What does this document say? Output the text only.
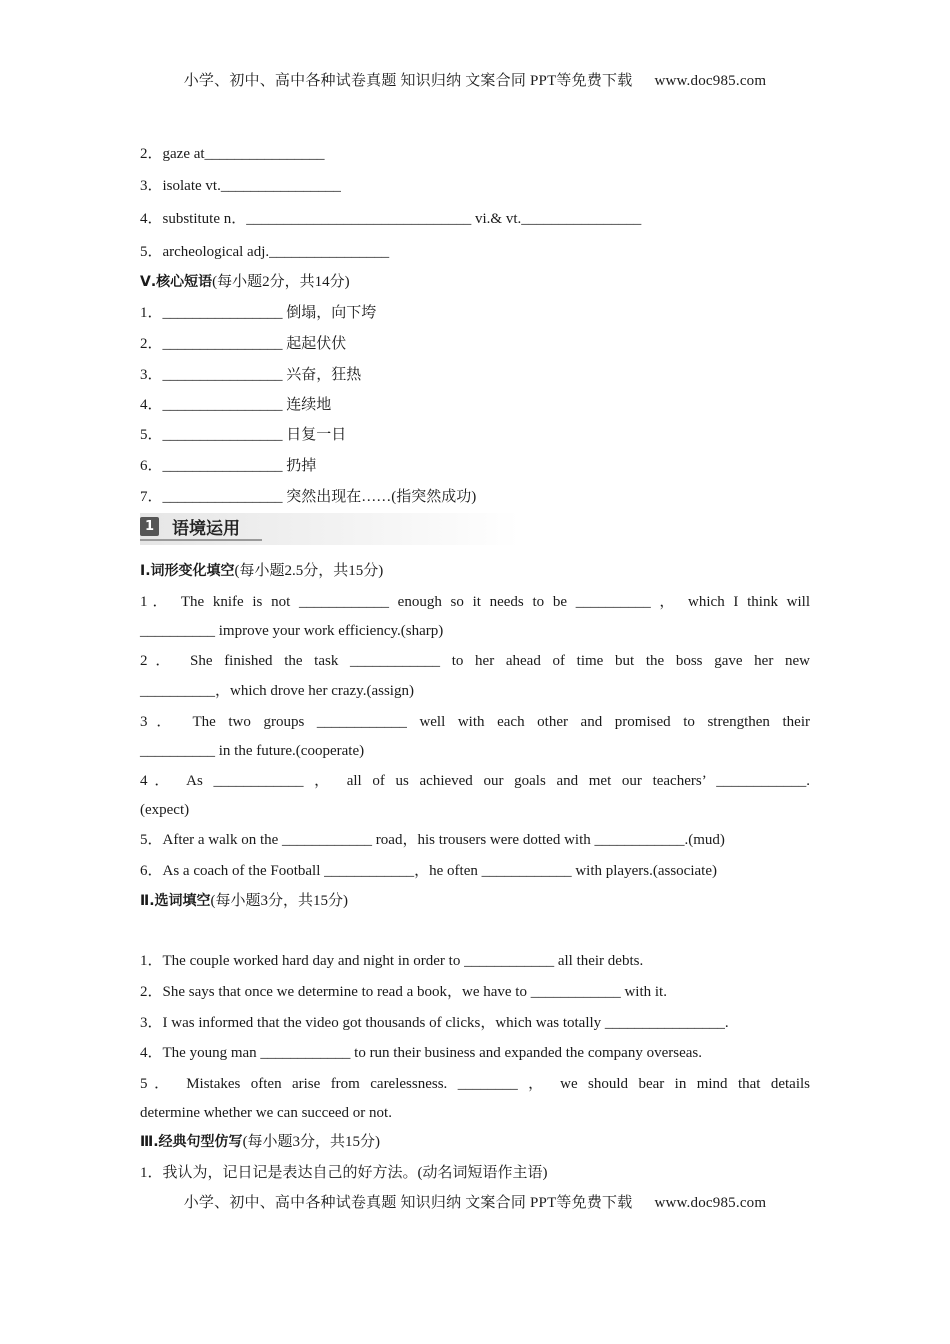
小学、初中、高中各种试卷真题 知识归纳 文案合同 PPT等免费下载 www.doc985.com
2．gaze at________________
3．isolate vt.________________
4．substitute n．______________________________ vi.& vt.________________
5．archeological adj.________________
Ⅴ.核心短语(每小题2分，共14分)
1．________________ 倒塌，向下垮
2．________________ 起起伏伏
3．________________ 兴奋，狂热
4．________________ 连续地
5．________________ 日复一日
6．________________ 扔掉
7．________________ 突然出现在……(指突然成功)
1 语境运用
Ⅰ.词形变化填空(每小题2.5分，共15分)
1． The knife is not ____________ enough so it needs to be __________ ， which I think will
__________ improve your work efficiency.(sharp)
2． She finished the task ____________ to her ahead of time but the boss gave her new
__________，which drove her crazy.(assign)
3． The two groups ____________ well with each other and promised to strengthen their
__________ in the future.(cooperate)
4． As ____________ ， all of us achieved our goals and met our teachers’ ____________.
(expect)
5．After a walk on the ____________ road，his trousers were dotted with ____________.(mud)
6．As a coach of the Football ____________，he often ____________ with players.(associate)
Ⅱ.选词填空(每小题3分，共15分)
1．The couple worked hard day and night in order to ____________ all their debts.
2．She says that once we determine to read a book，we have to ____________ with it.
3．I was informed that the video got thousands of clicks，which was totally ________________.
4．The young man ____________ to run their business and expanded the company overseas.
5． Mistakes often arise from carelessness. ________ ， we should bear in mind that details
determine whether we can succeed or not.
Ⅲ.经典句型仿写(每小题3分，共15分)
1．我认为，记日记是表达自己的好方法。(动名词短语作主语)
小学、初中、高中各种试卷真题 知识归纳 文案合同 PPT等免费下载 www.doc985.com
